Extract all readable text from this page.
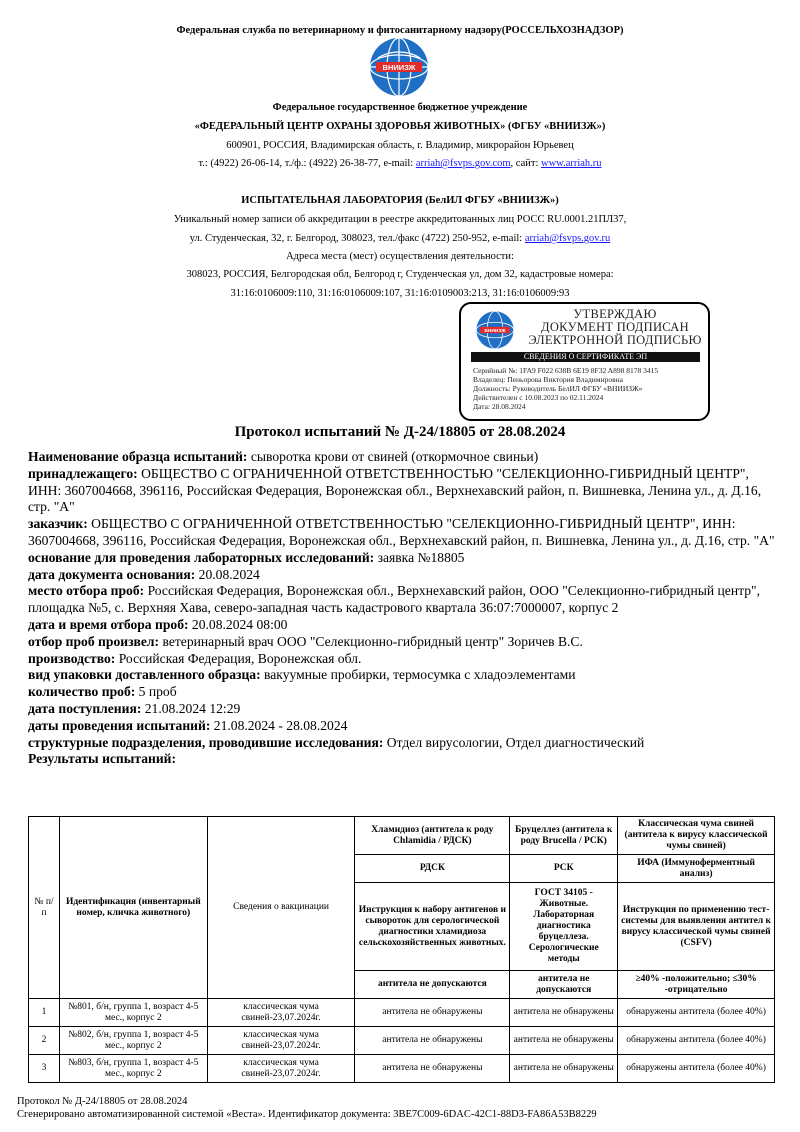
Федеральная служба по ветеринарному и фитосанитарному надзору(РОССЕЛЬХОЗНАДЗОР)
ВНИИЗЖ
Федеральное государственное бюджетное учреждение
«ФЕДЕРАЛЬНЫЙ ЦЕНТР ОХРАНЫ ЗДОРОВЬЯ ЖИВОТНЫХ» (ФГБУ «ВНИИЗЖ»)
600901, РОССИЯ, Владимирская область, г. Владимир, микрорайон Юрьевец
т.: (4922) 26-06-14, т./ф.: (4922) 26-38-77, e-mail: arriah@fsvps.gov.com, сайт: www.arriah.ru
ИСПЫТАТЕЛЬНАЯ ЛАБОРАТОРИЯ (БелИЛ ФГБУ «ВНИИЗЖ»)
Уникальный номер записи об аккредитации в реестре аккредитованных лиц РОСС RU.0001.21ПЛ37,
ул. Студенческая, 32, г. Белгород, 308023, тел./факс (4722) 250-952, e-mail: arriah@fsvps.gov.ru
Адреса места (мест) осуществления деятельности:
308023, РОССИЯ, Белгородская обл, Белгород г, Студенческая ул, дом 32, кадастровые номера:
31:16:0106009:110, 31:16:0106009:107, 31:16:0109003:213, 31:16:0106009:93
ВНИИЗЖ
УТВЕРЖДАЮ
ДОКУМЕНТ ПОДПИСАН
ЭЛЕКТРОННОЙ ПОДПИСЬЮ
СВЕДЕНИЯ О СЕРТИФИКАТЕ ЭП
Серийный №: 1FA9 F022 638B 6E19 8F32 A898 8178 3415
Владелец: Пеньорова Виктория Владимировна
Должность: Руководитель БелИЛ ФГБУ «ВНИИЗЖ»
Действителен с 10.08.2023 по 02.11.2024
Дата: 28.08.2024
Протокол испытаний № Д-24/18805 от 28.08.2024

Наименование образца испытаний: сыворотка крови от свиней (откормочное свиньи)

принадлежащего: ОБЩЕСТВО С ОГРАНИЧЕННОЙ ОТВЕТСТВЕННОСТЬЮ "СЕЛЕКЦИОННО-ГИБРИДНЫЙ ЦЕНТР", ИНН: 3607004668, 396116, Российская Федерация, Воронежская обл., Верхнехавский район, п. Вишневка, Ленина ул., д. Д.16, стр. "А"

заказчик: ОБЩЕСТВО С ОГРАНИЧЕННОЙ ОТВЕТСТВЕННОСТЬЮ "СЕЛЕКЦИОННО-ГИБРИДНЫЙ ЦЕНТР", ИНН: 3607004668, 396116, Российская Федерация, Воронежская обл., Верхнехавский район, п. Вишневка, Ленина ул., д. Д.16, стр. "А"

основание для проведения лабораторных исследований: заявка №18805

дата документа основания: 20.08.2024

место отбора проб: Российская Федерация, Воронежская обл., Верхнехавский район, ООО "Селекционно-гибридный центр", площадка №5, с. Верхняя Хава, северо-западная часть кадастрового квартала 36:07:7000007, корпус 2

дата и время отбора проб: 20.08.2024 08:00

отбор проб произвел: ветеринарный врач ООО "Селекционно-гибридный центр" Зоричев В.С.

производство: Российская Федерация, Воронежская обл.

вид упаковки доставленного образца: вакуумные пробирки, термосумка с хладоэлементами

количество проб: 5 проб

дата поступления: 21.08.2024 12:29

даты проведения испытаний: 21.08.2024 - 28.08.2024

структурные подразделения, проводившие исследования: Отдел вирусологии, Отдел диагностический

Результаты испытаний:

№ п/п	Идентификация (инвентарный номер, кличка животного)	Сведения о вакцинации	Хламидиоз (антитела к роду Chlamidia / РДСК)	Бруцеллез (антитела к роду Brucella / РСК)	Классическая чума свиней (антитела к вирусу классической чумы свиней)
			РДСК	РСК	ИФА (Иммуноферментный анализ)
			Инструкция к набору антигенов и сывороток для серологической диагностики хламидиоза сельскохозяйственных животных.	ГОСТ 34105 - Животные. Лабораторная диагностика бруцеллеза. Серологические методы	Инструкция по применению тест-системы для выявления антител к вирусу классической чумы свиней (CSFV)
			антитела не допускаются	антитела не допускаются	≥40% -положительно; ≤30% -отрицательно
1	№801, б/н, группа 1, возраст 4-5 мес., корпус 2	классическая чума свиней-23,07.2024г.	антитела не обнаружены	антитела не обнаружены	обнаружены антитела (более 40%)
2	№802, б/н, группа 1, возраст 4-5 мес., корпус 2	классическая чума свиней-23,07.2024г.	антитела не обнаружены	антитела не обнаружены	обнаружены антитела (более 40%)
3	№803, б/н, группа 1, возраст 4-5 мес., корпус 2	классическая чума свиней-23,07.2024г.	антитела не обнаружены	антитела не обнаружены	обнаружены антитела (более 40%)
Протокол № Д-24/18805 от 28.08.2024
Сгенерировано автоматизированной системой «Веста». Идентификатор документа: 3BE7C009-6DAC-42C1-88D3-FA86A53B8229
